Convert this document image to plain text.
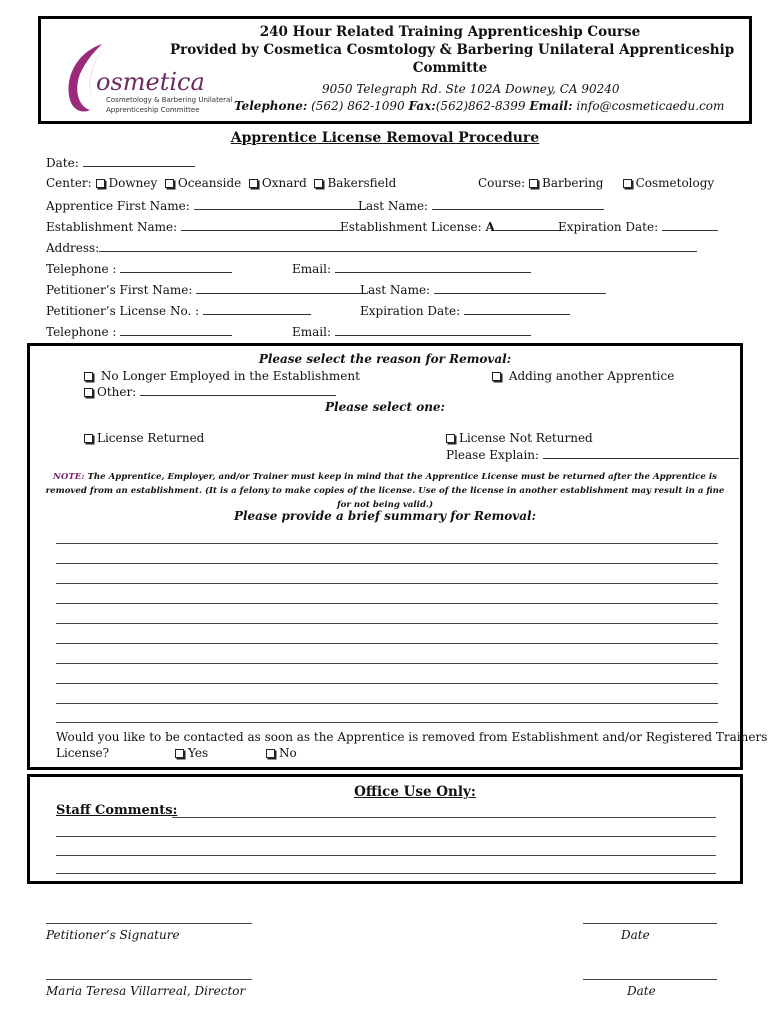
osmetica
Cosmetology & Barbering Unilateral
Apprenticeship Committee
240 Hour Related Training Apprenticeship Course
Provided by Cosmetica Cosmtology & Barbering Unilateral Apprenticeship
Committe
9050 Telegraph Rd. Ste 102A Downey, CA 90240
Telephone: (562) 862-1090 Fax:(562)862-8399 Email: info@cosmeticaedu.com
Apprentice License Removal Procedure
Date:
Center: Downey Oceanside Oxnard Bakersfield	Course: Barbering	Cosmetology
Apprentice First Name:	Last Name:
Establishment Name:	Establishment License: A	Expiration Date:
Address:
Telephone :	Email:
Petitioner’s First Name:	Last Name:
Petitioner’s License No. :	Expiration Date:
Telephone :	Email:
Please select the reason for Removal:
No Longer Employed in the Establishment	Adding another Apprentice
Other:
Please select one:
License Returned	License Not Returned
Please Explain:
NOTE: The Apprentice, Employer, and/or Trainer must keep in mind that the Apprentice License must be returned after the Apprentice is removed from an establishment. (It is a felony to make copies of the license. Use of the license in another establishment may result in a fine for not being valid.)
Please provide a brief summary for Removal:
Would you like to be contacted as soon as the Apprentice is removed from Establishment and/or Registered Trainers
License?	Yes	No
Office Use Only:
Staff Comments:
Petitioner’s Signature	Date
Maria Teresa Villarreal, Director	Date
